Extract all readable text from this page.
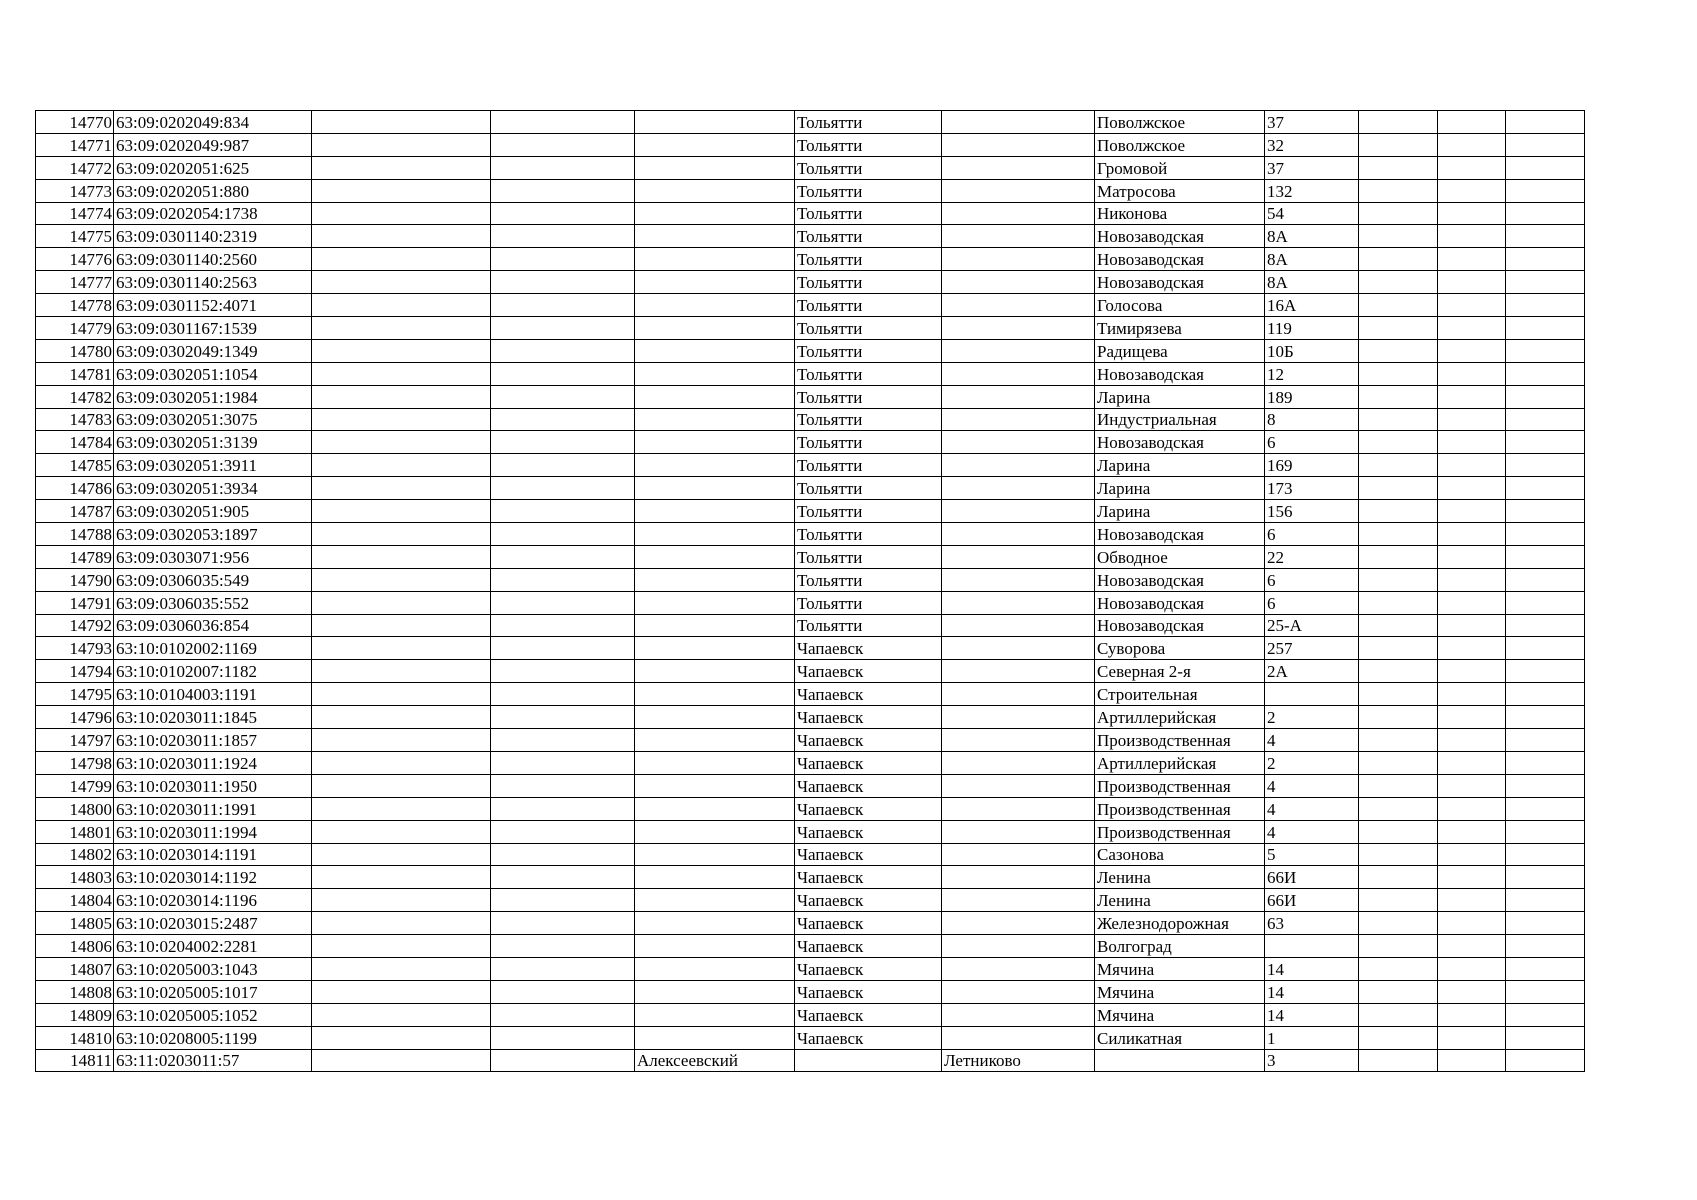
14770	63:09:0202049:834				Тольятти		Поволжское	37			
14771	63:09:0202049:987				Тольятти		Поволжское	32			
14772	63:09:0202051:625				Тольятти		Громовой	37			
14773	63:09:0202051:880				Тольятти		Матросова	132			
14774	63:09:0202054:1738				Тольятти		Никонова	54			
14775	63:09:0301140:2319				Тольятти		Новозаводская	8А			
14776	63:09:0301140:2560				Тольятти		Новозаводская	8А			
14777	63:09:0301140:2563				Тольятти		Новозаводская	8А			
14778	63:09:0301152:4071				Тольятти		Голосова	16А			
14779	63:09:0301167:1539				Тольятти		Тимирязева	119			
14780	63:09:0302049:1349				Тольятти		Радищева	10Б			
14781	63:09:0302051:1054				Тольятти		Новозаводская	12			
14782	63:09:0302051:1984				Тольятти		Ларина	189			
14783	63:09:0302051:3075				Тольятти		Индустриальная	8			
14784	63:09:0302051:3139				Тольятти		Новозаводская	6			
14785	63:09:0302051:3911				Тольятти		Ларина	169			
14786	63:09:0302051:3934				Тольятти		Ларина	173			
14787	63:09:0302051:905				Тольятти		Ларина	156			
14788	63:09:0302053:1897				Тольятти		Новозаводская	6			
14789	63:09:0303071:956				Тольятти		Обводное	22			
14790	63:09:0306035:549				Тольятти		Новозаводская	6			
14791	63:09:0306035:552				Тольятти		Новозаводская	6			
14792	63:09:0306036:854				Тольятти		Новозаводская	25-А			
14793	63:10:0102002:1169				Чапаевск		Суворова	257			
14794	63:10:0102007:1182				Чапаевск		Северная 2-я	2А			
14795	63:10:0104003:1191				Чапаевск		Строительная				
14796	63:10:0203011:1845				Чапаевск		Артиллерийская	2			
14797	63:10:0203011:1857				Чапаевск		Производственная	4			
14798	63:10:0203011:1924				Чапаевск		Артиллерийская	2			
14799	63:10:0203011:1950				Чапаевск		Производственная	4			
14800	63:10:0203011:1991				Чапаевск		Производственная	4			
14801	63:10:0203011:1994				Чапаевск		Производственная	4			
14802	63:10:0203014:1191				Чапаевск		Сазонова	5			
14803	63:10:0203014:1192				Чапаевск		Ленина	66И			
14804	63:10:0203014:1196				Чапаевск		Ленина	66И			
14805	63:10:0203015:2487				Чапаевск		Железнодорожная	63			
14806	63:10:0204002:2281				Чапаевск		Волгоград				
14807	63:10:0205003:1043				Чапаевск		Мячина	14			
14808	63:10:0205005:1017				Чапаевск		Мячина	14			
14809	63:10:0205005:1052				Чапаевск		Мячина	14			
14810	63:10:0208005:1199				Чапаевск		Силикатная	1			
14811	63:11:0203011:57			Алексеевский		Летниково		3			
